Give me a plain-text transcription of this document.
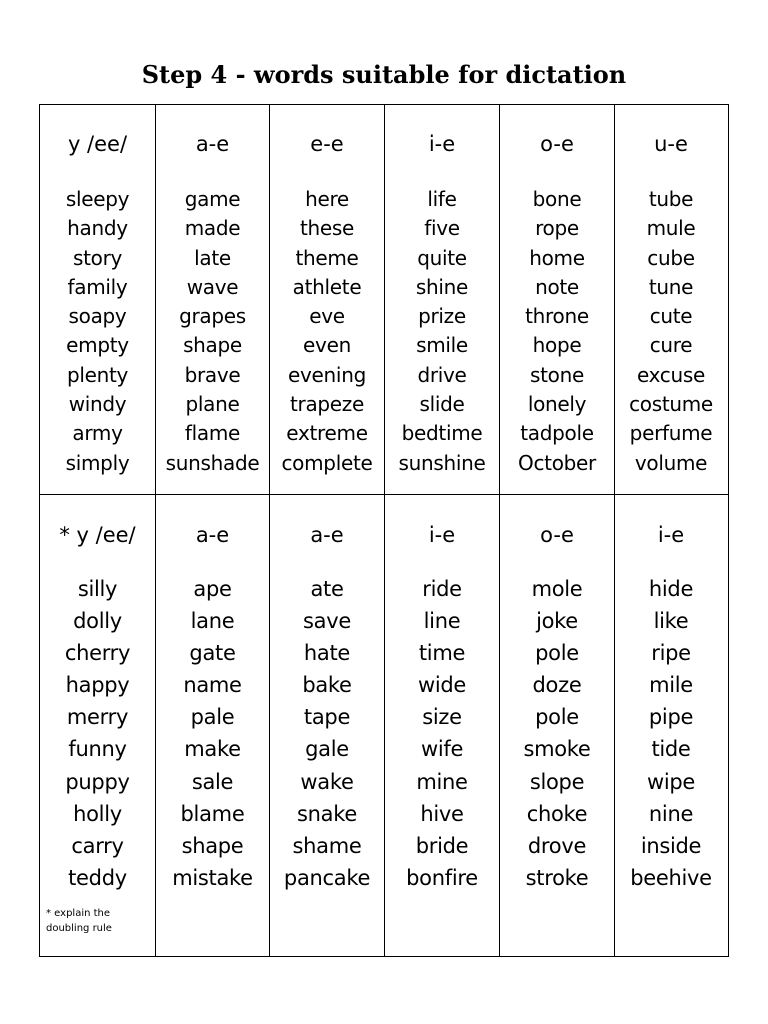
Step 4 - words suitable for dictation
y /ee/
sleepy
handy
story
family
soapy
empty
plenty
windy
army
simply
a-e
game
made
late
wave
grapes
shape
brave
plane
flame
sunshade
e-e
here
these
theme
athlete
eve
even
evening
trapeze
extreme
complete
i-e
life
five
quite
shine
prize
smile
drive
slide
bedtime
sunshine
o-e
bone
rope
home
note
throne
hope
stone
lonely
tadpole
October
u-e
tube
mule
cube
tune
cute
cure
excuse
costume
perfume
volume
* y /ee/
silly
dolly
cherry
happy
merry
funny
puppy
holly
carry
teddy
* explain the
doubling rule
a-e
ape
lane
gate
name
pale
make
sale
blame
shape
mistake
a-e
ate
save
hate
bake
tape
gale
wake
snake
shame
pancake
i-e
ride
line
time
wide
size
wife
mine
hive
bride
bonfire
o-e
mole
joke
pole
doze
pole
smoke
slope
choke
drove
stroke
i-e
hide
like
ripe
mile
pipe
tide
wipe
nine
inside
beehive
